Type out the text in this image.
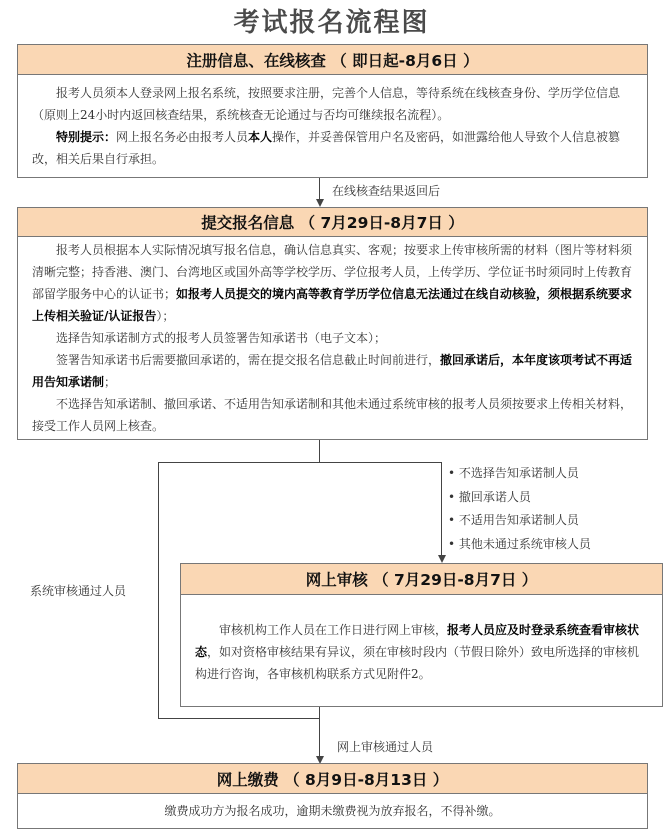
考试报名流程图
注册信息、在线核查 （ 即日起-8月6日 ）

报考人员须本人登录网上报名系统，按照要求注册，完善个人信息，等待系统在线核查身份、学历学位信息（原则上24小时内返回核查结果，系统核查无论通过与否均可继续报名流程）。

特别提示：网上报名务必由报考人员本人操作，并妥善保管用户名及密码，如泄露给他人导致个人信息被篡改，相关后果自行承担。

在线核查结果返回后
提交报名信息 （ 7月29日-8月7日 ）

报考人员根据本人实际情况填写报名信息，确认信息真实、客观；按要求上传审核所需的材料（图片等材料须清晰完整；持香港、澳门、台湾地区或国外高等学校学历、学位报考人员，上传学历、学位证书时须同时上传教育部留学服务中心的认证书；如报考人员提交的境内高等教育学历学位信息无法通过在线自动核验，须根据系统要求上传相关验证/认证报告）；

选择告知承诺制方式的报考人员签署告知承诺书（电子文本）；

签署告知承诺书后需要撤回承诺的，需在提交报名信息截止时间前进行，撤回承诺后，本年度该项考试不再适用告知承诺制；

不选择告知承诺制、撤回承诺、不适用告知承诺制和其他未通过系统审核的报考人员须按要求上传相关材料，接受工作人员网上核查。

系统审核通过人员
• 不选择告知承诺制人员
• 撤回承诺人员
• 不适用告知承诺制人员
• 其他未通过系统审核人员
网上审核 （ 7月29日-8月7日 ）

审核机构工作人员在工作日进行网上审核，报考人员应及时登录系统查看审核状态，如对资格审核结果有异议，须在审核时段内（节假日除外）致电所选择的审核机构进行咨询，各审核机构联系方式见附件2。

网上审核通过人员
网上缴费 （ 8月9日-8月13日 ）

缴费成功方为报名成功，逾期未缴费视为放弃报名，不得补缴。
